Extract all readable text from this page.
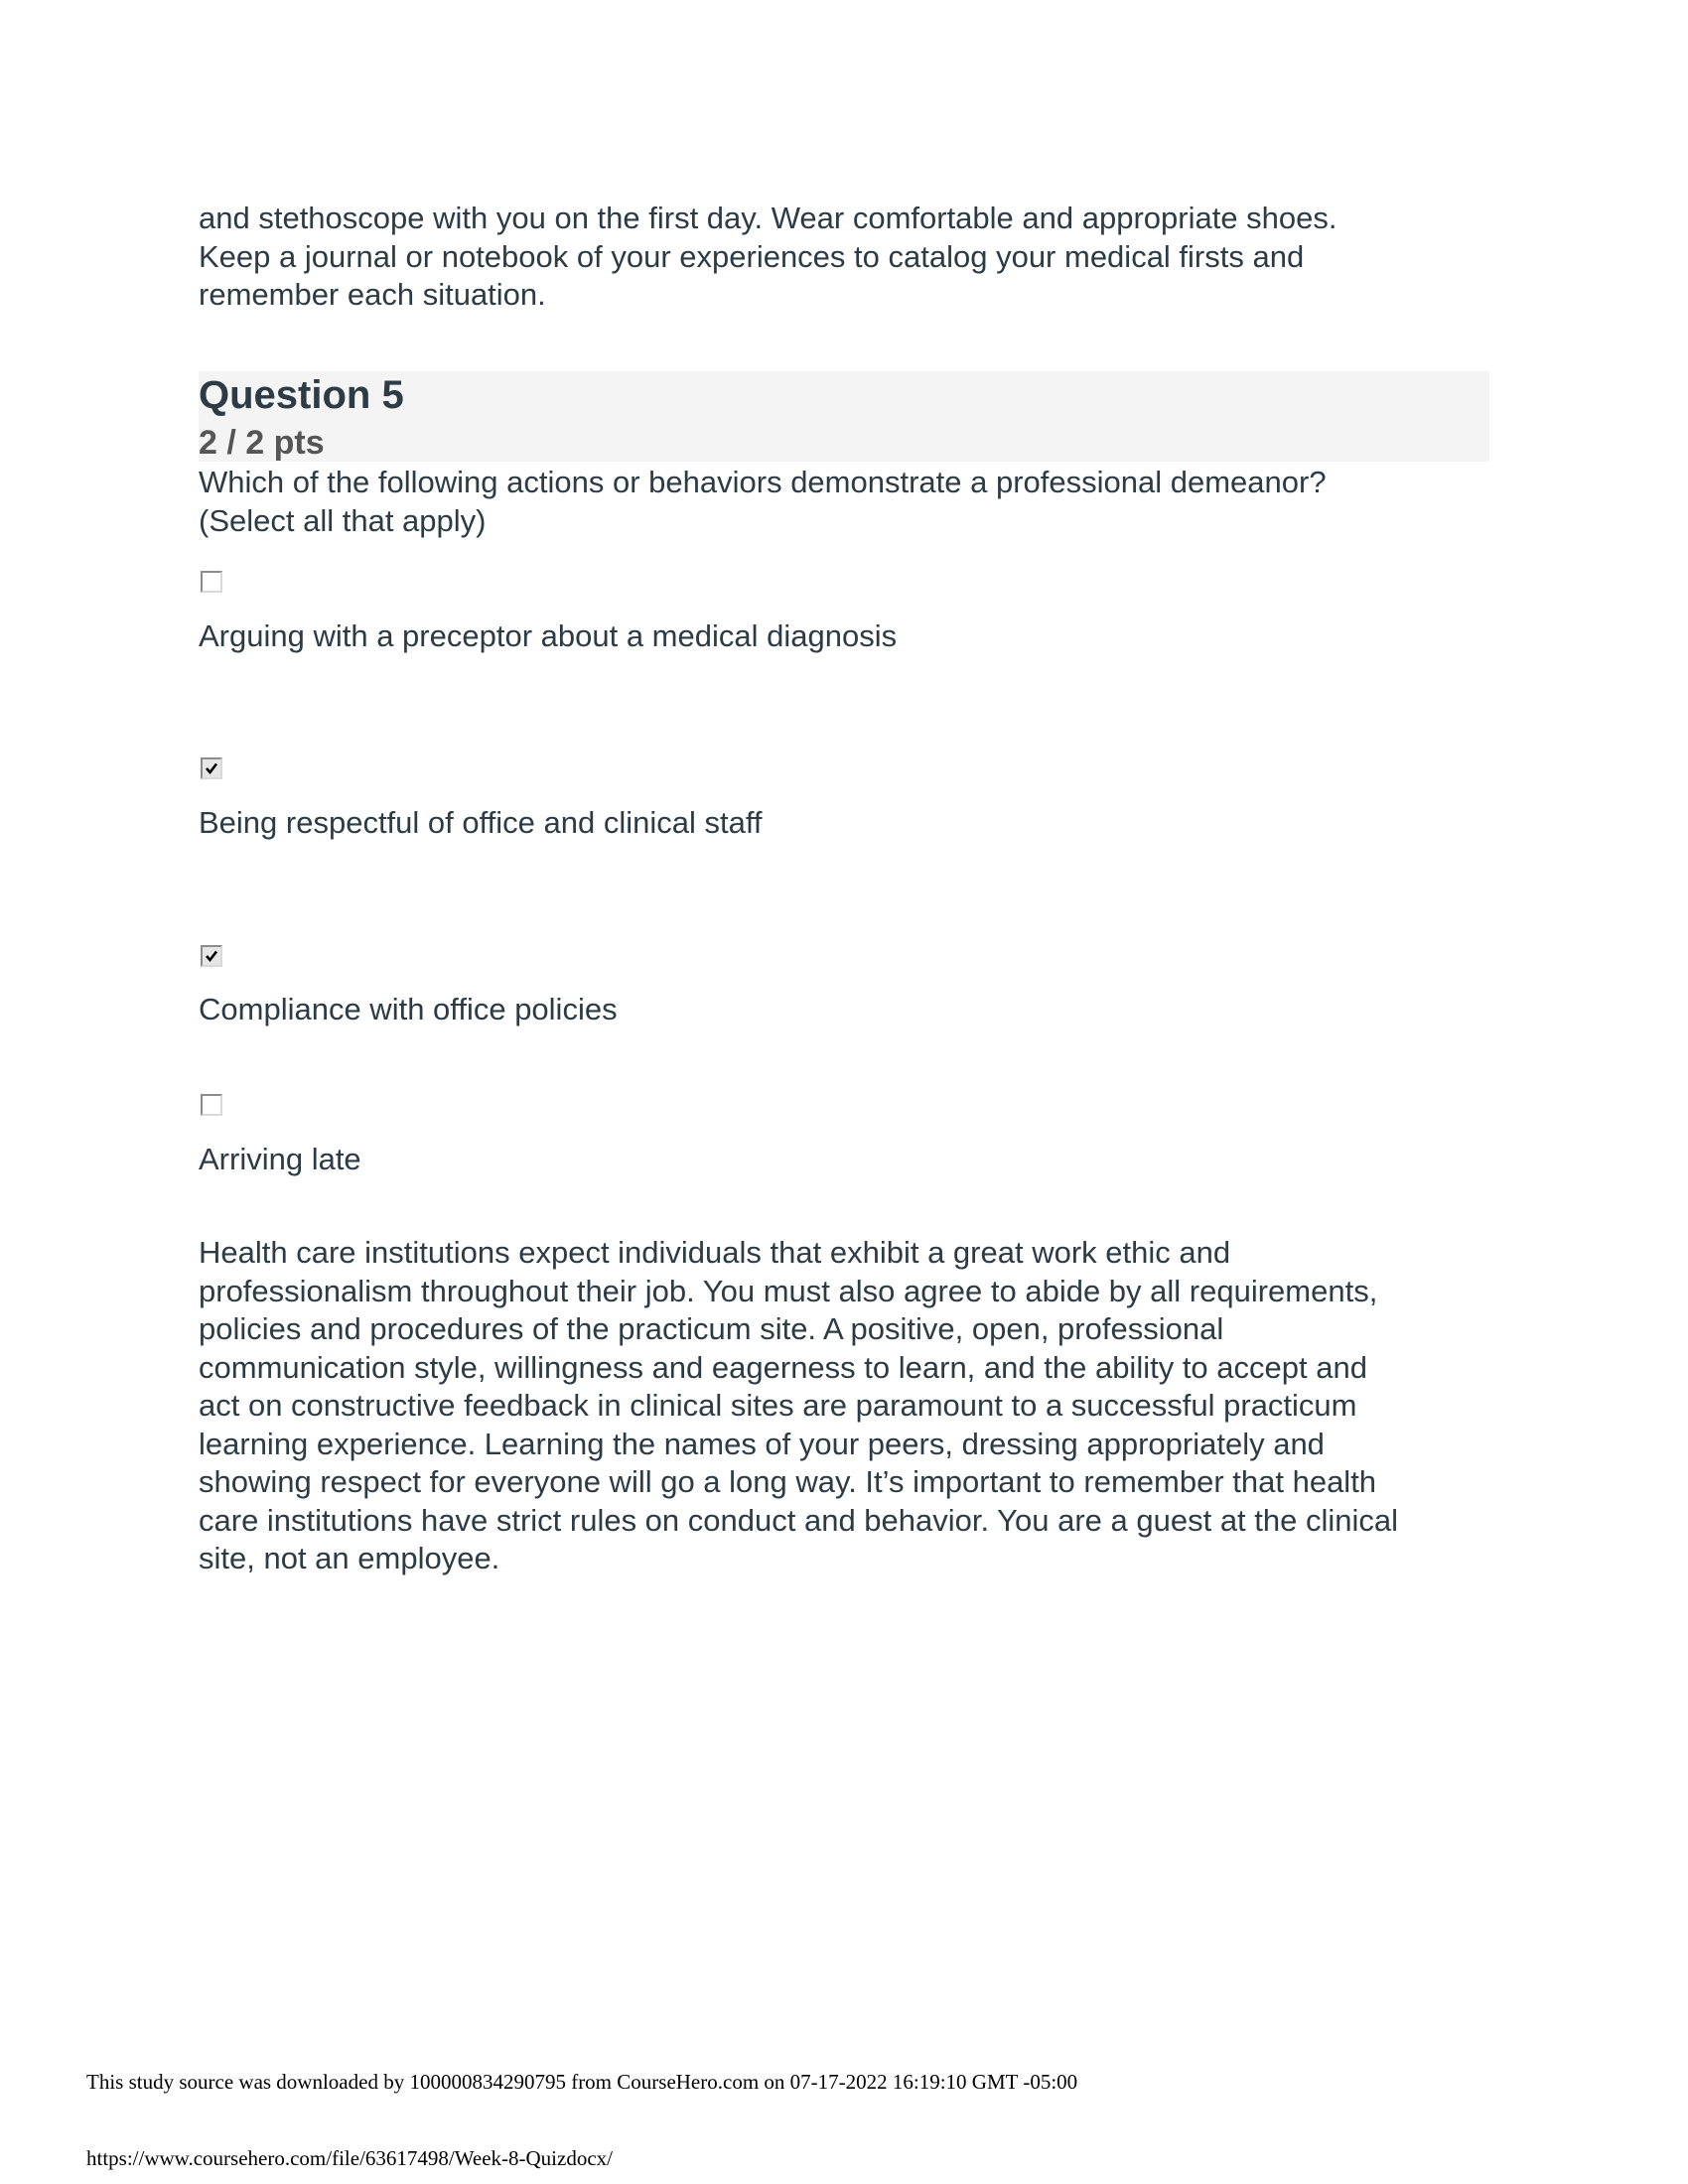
and stethoscope with you on the first day. Wear comfortable and appropriate shoes.
Keep a journal or notebook of your experiences to catalog your medical firsts and
remember each situation.

Question 5
2 / 2 pts

Which of the following actions or behaviors demonstrate a professional demeanor?
(Select all that apply)

Arguing with a preceptor about a medical diagnosis
Being respectful of office and clinical staff
Compliance with office policies
Arriving late

Health care institutions expect individuals that exhibit a great work ethic and
professionalism throughout their job. You must also agree to abide by all requirements,
policies and procedures of the practicum site. A positive, open, professional
communication style, willingness and eagerness to learn, and the ability to accept and
act on constructive feedback in clinical sites are paramount to a successful practicum
learning experience. Learning the names of your peers, dressing appropriately and
showing respect for everyone will go a long way. It’s important to remember that health
care institutions have strict rules on conduct and behavior. You are a guest at the clinical
site, not an employee.

This study source was downloaded by 100000834290795 from CourseHero.com on 07-17-2022 16:19:10 GMT -05:00
https://www.coursehero.com/file/63617498/Week-8-Quizdocx/
